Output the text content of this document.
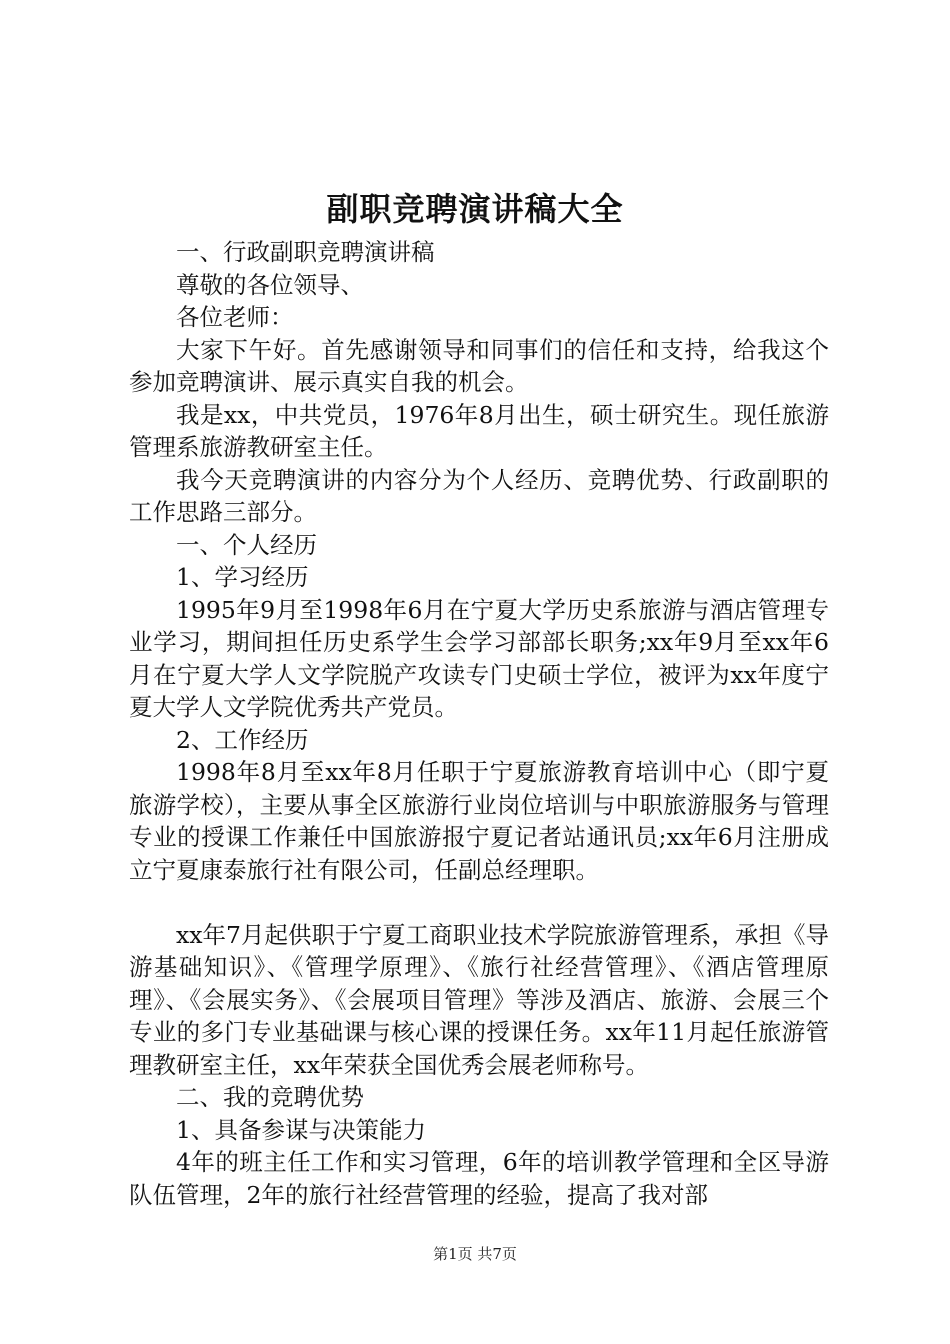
副职竞聘演讲稿大全

一、行政副职竞聘演讲稿

尊敬的各位领导、

各位老师：

大家下午好。首先感谢领导和同事们的信任和支持，给我这个参加竞聘演讲、展示真实自我的机会。

我是xx，中共党员，1976年8月出生，硕士研究生。现任旅游管理系旅游教研室主任。

我今天竞聘演讲的内容分为个人经历、竞聘优势、行政副职的工作思路三部分。

一、个人经历

1、学习经历

1995年9月至1998年6月在宁夏大学历史系旅游与酒店管理专业学习，期间担任历史系学生会学习部部长职务;xx年9月至xx年6月在宁夏大学人文学院脱产攻读专门史硕士学位，被评为xx年度宁夏大学人文学院优秀共产党员。

2、工作经历

1998年8月至xx年8月任职于宁夏旅游教育培训中心（即宁夏旅游学校），主要从事全区旅游行业岗位培训与中职旅游服务与管理专业的授课工作兼任中国旅游报宁夏记者站通讯员;xx年6月注册成立宁夏康泰旅行社有限公司，任副总经理职。

xx年7月起供职于宁夏工商职业技术学院旅游管理系，承担《导游基础知识》、《管理学原理》、《旅行社经营管理》、《酒店管理原理》、《会展实务》、《会展项目管理》等涉及酒店、旅游、会展三个专业的多门专业基础课与核心课的授课任务。xx年11月起任旅游管理教研室主任，xx年荣获全国优秀会展老师称号。

二、我的竞聘优势

1、具备参谋与决策能力

4年的班主任工作和实习管理，6年的培训教学管理和全区导游队伍管理，2年的旅行社经营管理的经验，提高了我对部

第1页 共7页
